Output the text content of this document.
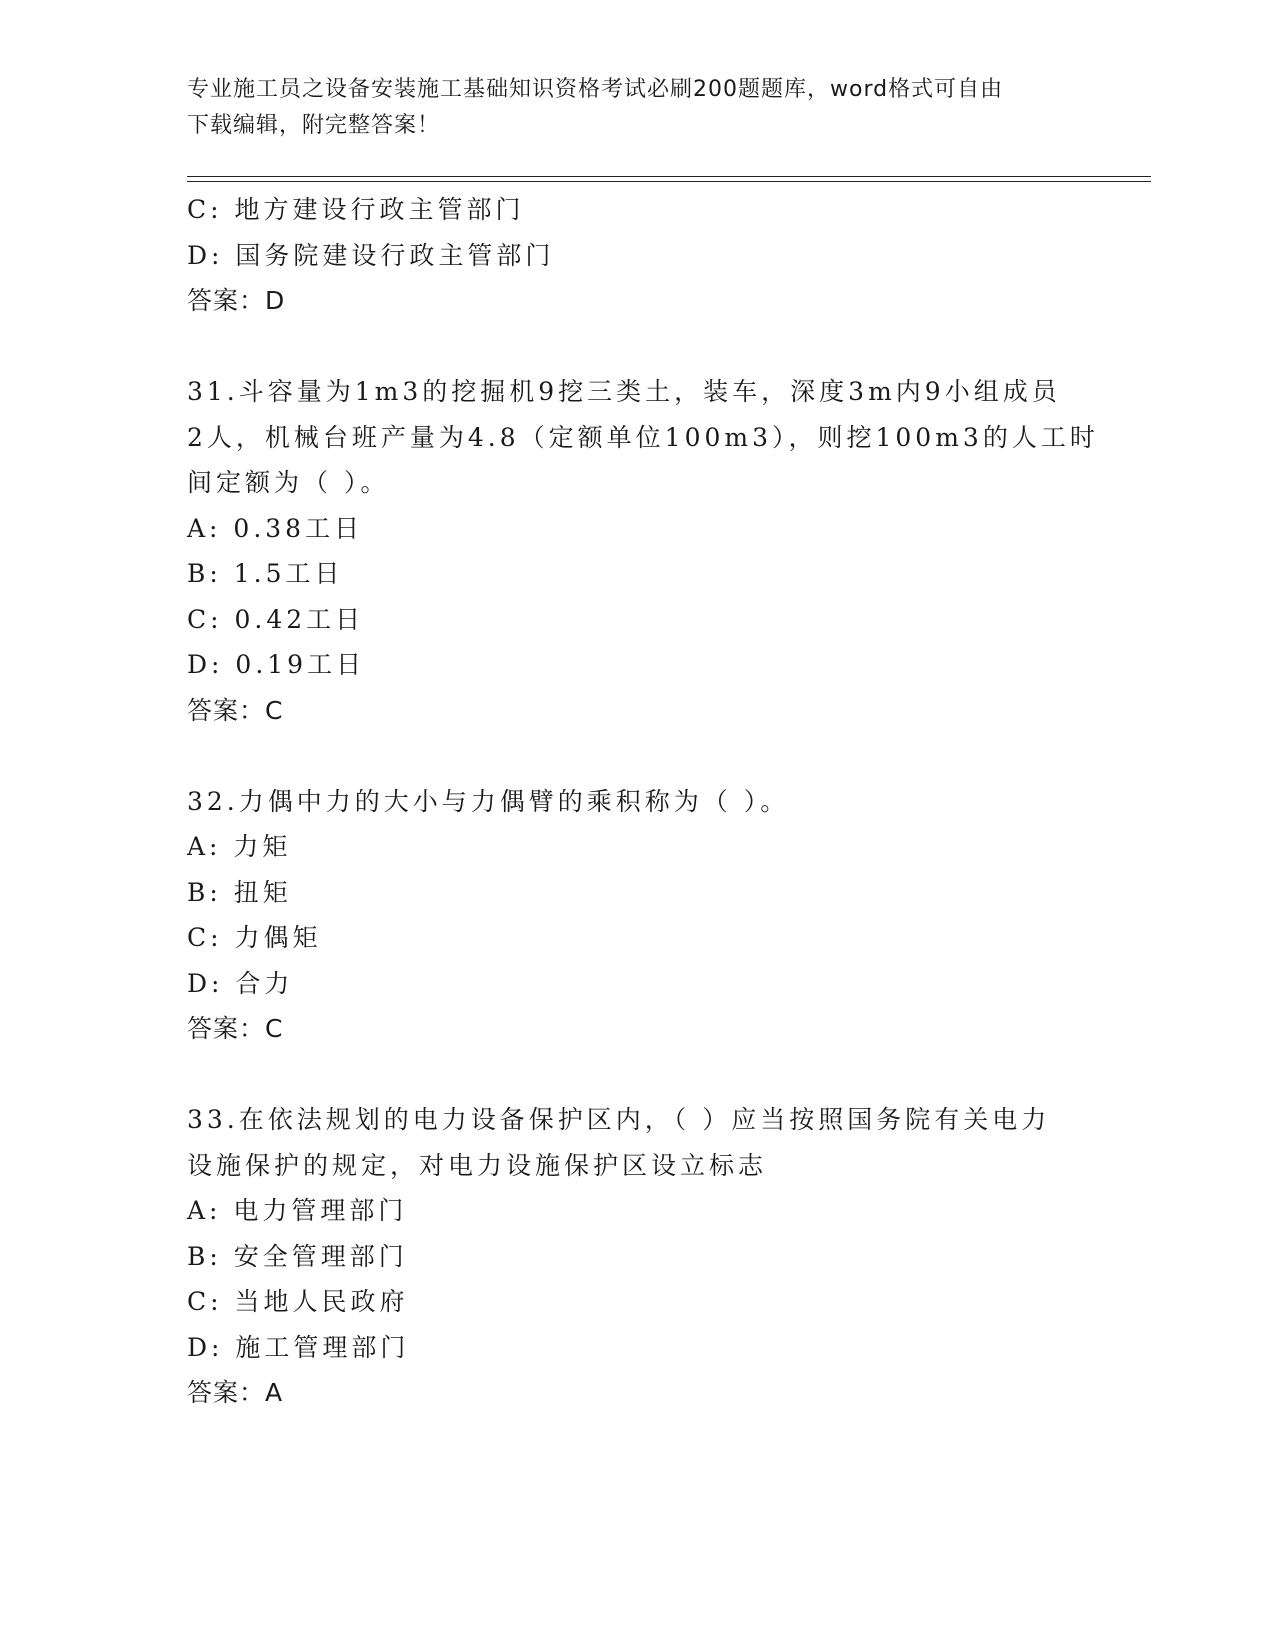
专业施工员之设备安装施工基础知识资格考试必刷200题题库，word格式可自由
下载编辑，附完整答案！
C: 地方建设行政主管部门
D: 国务院建设行政主管部门
答案：D
31.斗容量为1m3的挖掘机9挖三类土，装车，深度3m内9小组成员
2人，机械台班产量为4.8（定额单位100m3），则挖100m3的人工时
间定额为（ ）。
A: 0.38工日
B: 1.5工日
C: 0.42工日
D: 0.19工日
答案：C
32.力偶中力的大小与力偶臂的乘积称为（ ）。
A: 力矩
B: 扭矩
C: 力偶矩
D: 合力
答案：C
33.在依法规划的电力设备保护区内，（ ）应当按照国务院有关电力
设施保护的规定，对电力设施保护区设立标志
A: 电力管理部门
B: 安全管理部门
C: 当地人民政府
D: 施工管理部门
答案：A
